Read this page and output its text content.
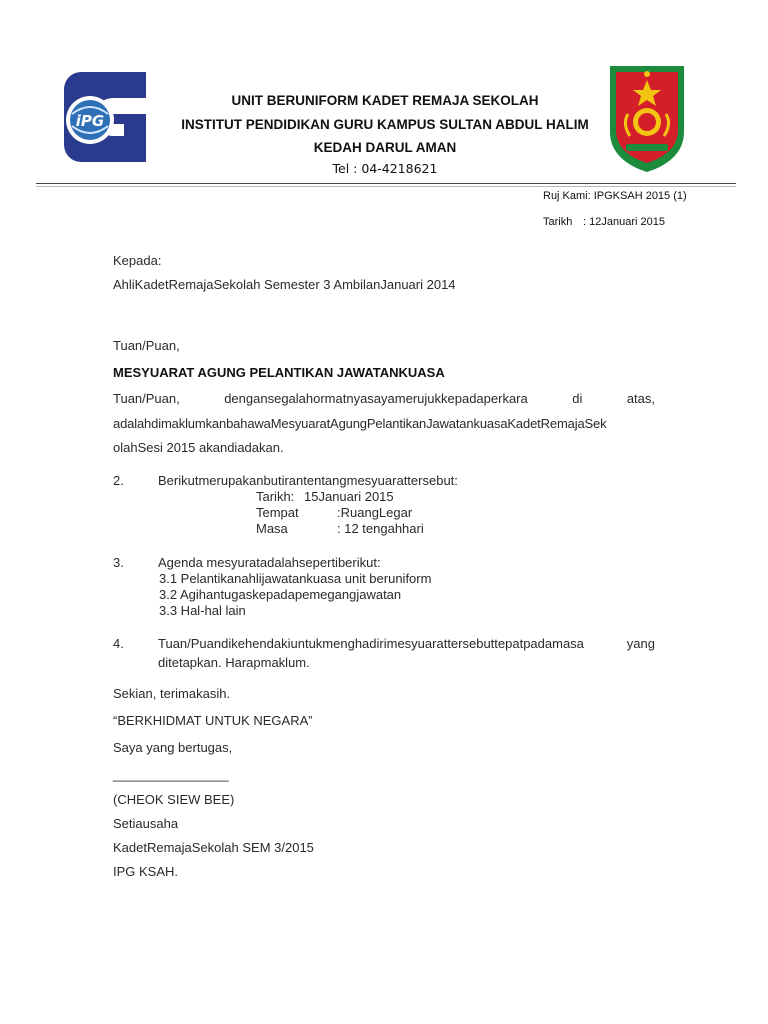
iPG
UNIT BERUNIFORM KADET REMAJA SEKOLAH
INSTITUT PENDIDIKAN GURU KAMPUS SULTAN ABDUL HALIM
KEDAH DARUL AMAN
Tel : 04-4218621
Ruj Kami: IPGKSAH 2015 (1)
Tarikh : 12Januari 2015
Kepada:
AhliKadetRemajaSekolah Semester 3 AmbilanJanuari 2014
Tuan/Puan,
MESYUARAT AGUNG PELANTIKAN JAWATANKUASA
Tuan/Puan,	dengansegalahormatnyasayamerujukkepadaperkara	di	atas,
adalahdimaklumkanbahawaMesyuaratAgungPelantikanJawatankuasaKadetRemajaSek
olahSesi 2015 akandiadakan.
2.	Berikutmerupakanbutirantentangmesyuarattersebut:
Tarikh: 15Januari 2015
Tempat	:RuangLegar
Masa	: 12 tengahhari
3.	Agenda mesyuratadalahsepertiberikut:
3.1 Pelantikanahlijawatankuasa unit beruniform
3.2 Agihantugaskepadapemegangjawatan
3.3 Hal-hal lain
4.	Tuan/Puandikehendakiuntukmenghadirimesyuarattersebuttepatpadamasa	yang
ditetapkan. Harapmaklum.
Sekian, terimakasih.
“BERKHIDMAT UNTUK NEGARA”
Saya yang bertugas,
________________
(CHEOK SIEW BEE)
Setiausaha
KadetRemajaSekolah SEM 3/2015
IPG KSAH.
